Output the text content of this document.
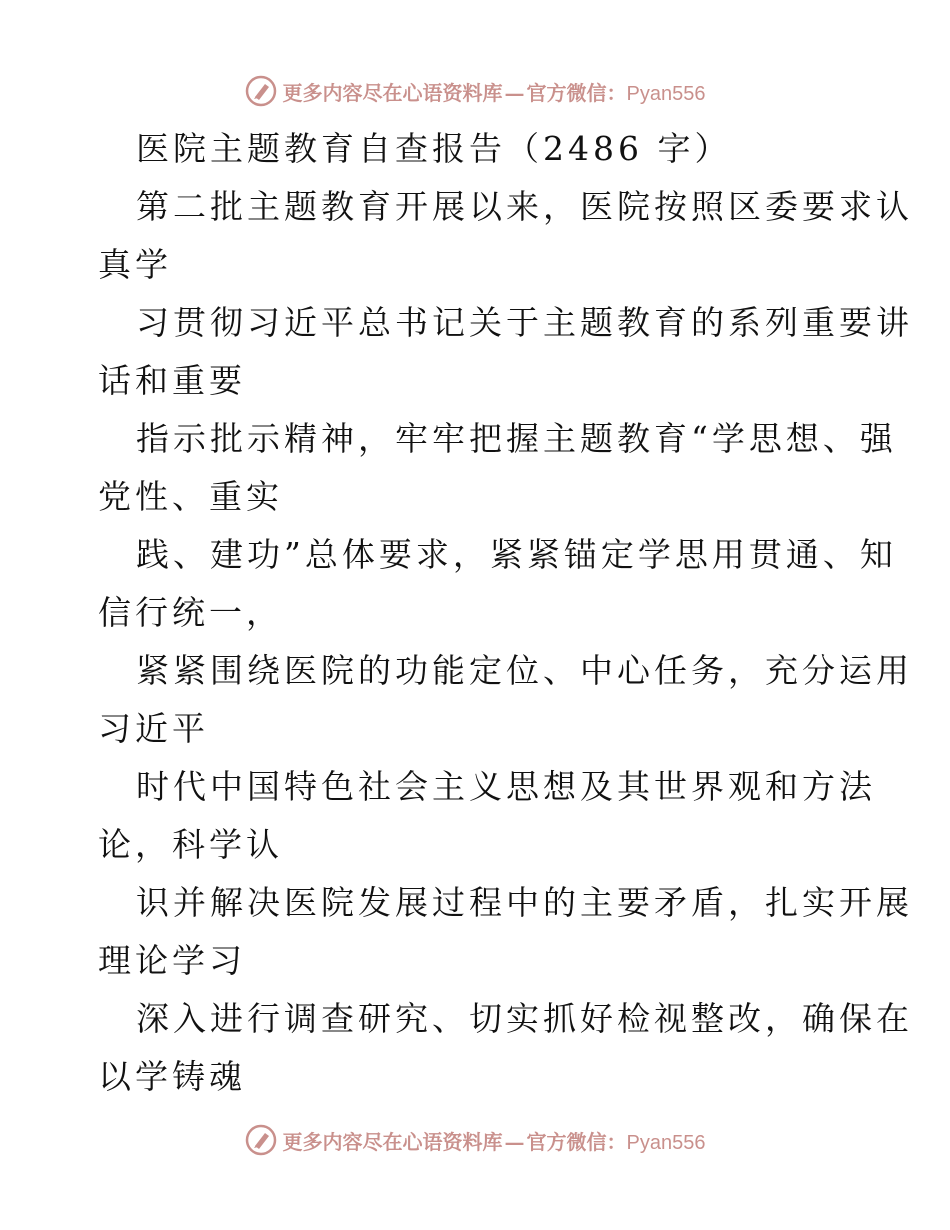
更多内容尽在心语资料库 — 官方微信：Pyan556
医院主题教育自查报告（2486 字）
第二批主题教育开展以来，医院按照区委要求认
真学
习贯彻习近平总书记关于主题教育的系列重要讲
话和重要
指示批示精神，牢牢把握主题教育“学思想、强
党性、重实
践、建功”总体要求，紧紧锚定学思用贯通、知
信行统一，
紧紧围绕医院的功能定位、中心任务，充分运用
习近平
时代中国特色社会主义思想及其世界观和方法
论，科学认
识并解决医院发展过程中的主要矛盾，扎实开展
理论学习
深入进行调查研究、切实抓好检视整改，确保在
以学铸魂
更多内容尽在心语资料库 — 官方微信：Pyan556
